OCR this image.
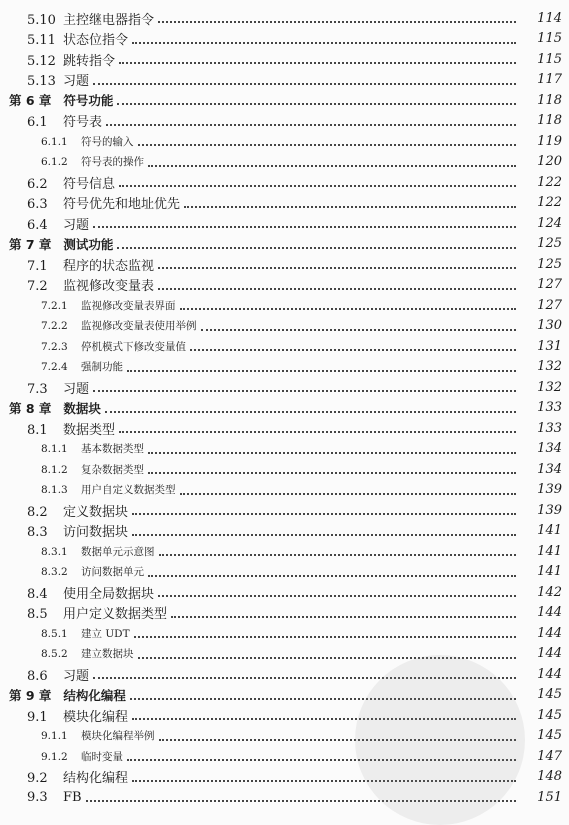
5.10 主控继电器指令	114
5.11 状态位指令	115
5.12 跳转指令	115
5.13 习题	117
第 6 章 符号功能	118
6.1	符号表	118
6.1.1	符号的输入	119
6.1.2	符号表的操作	120
6.2	符号信息	122
6.3	符号优先和地址优先	122
6.4	习题	124
第 7 章 测试功能	125
7.1	程序的状态监视	125
7.2	监视修改变量表	127
7.2.1	监视修改变量表界面	127
7.2.2	监视修改变量表使用举例	130
7.2.3	停机模式下修改变量值	131
7.2.4	强制功能	132
7.3	习题	132
第 8 章 数据块	133
8.1	数据类型	133
8.1.1	基本数据类型	134
8.1.2	复杂数据类型	134
8.1.3	用户自定义数据类型	139
8.2	定义数据块	139
8.3	访问数据块	141
8.3.1	数据单元示意图	141
8.3.2	访问数据单元	141
8.4	使用全局数据块	142
8.5	用户定义数据类型	144
8.5.1	建立 UDT	144
8.5.2	建立数据块	144
8.6	习题	144
第 9 章 结构化编程	145
9.1	模块化编程	145
9.1.1	模块化编程举例	145
9.1.2	临时变量	147
9.2	结构化编程	148
9.3	FB	151
